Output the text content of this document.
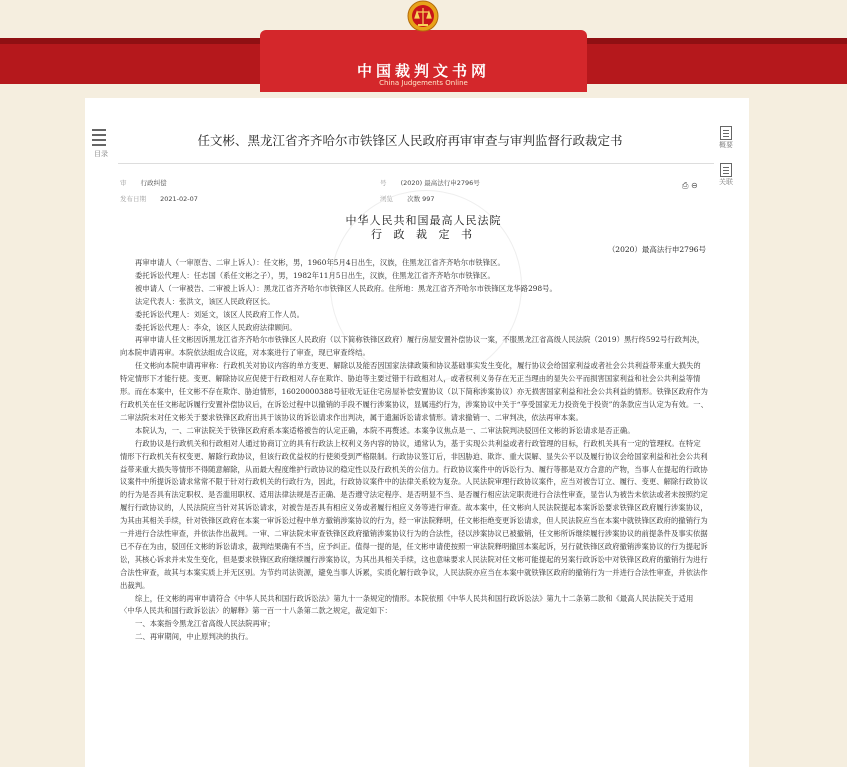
中国裁判文书网
China Judgements Online
目录
概要
关联
任文彬、黑龙江省齐齐哈尔市铁锋区人民政府再审审查与审判监督行政裁定书
审 行政纠偿
发布日期 2021-02-07
号 (2020) 最高法行申2796号
浏览 次数 997
⎙ ⊖
中华人民共和国最高人民法院
行 政 裁 定 书
（2020）最高法行申2796号

再审申请人（一审原告、二审上诉人）：任文彬，男，1960年5月4日出生，汉族，住黑龙江省齐齐哈尔市铁锋区。

委托诉讼代理人：任志国（系任文彬之子），男，1982年11月5日出生，汉族，住黑龙江省齐齐哈尔市铁锋区。

被申请人（一审被告、二审被上诉人）：黑龙江省齐齐哈尔市铁锋区人民政府。住所地：黑龙江省齐齐哈尔市铁锋区龙华路298号。

法定代表人：张洪文，该区人民政府区长。

委托诉讼代理人：刘延文，该区人民政府工作人员。

委托诉讼代理人：李众，该区人民政府法律顾问。

再审申请人任文彬因诉黑龙江省齐齐哈尔市铁锋区人民政府（以下简称铁锋区政府）履行房屋安置补偿协议一案，不服黑龙江省高级人民法院（2019）黑行终592号行政判决，向本院申请再审。本院依法组成合议庭，对本案进行了审查，现已审查终结。

任文彬向本院申请再审称：行政机关对协议内容的单方变更、解除以及能否因国家法律政策和协议基础事实发生变化，履行协议会给国家利益或者社会公共利益带来重大损失的特定情形下才能行使。变更、解除协议应促使于行政相对人存在欺诈、胁迫等主要过错于行政相对人，或者权利义务存在无正当理由的显失公平而损害国家利益和社会公共利益等情形。而在本案中，任文彬不存在欺诈、胁迫情形，16020000388号征收无证住宅房屋补偿安置协议（以下简称涉案协议）亦无损害国家利益和社会公共利益的情形。铁锋区政府作为行政机关在任文彬起诉履行安置补偿协议后，在诉讼过程中以撤销的手段不履行涉案协议，显属违约行为，涉案协议中关于“享受国家无力投资免于投资”的条款应当认定为有效。一、二审法院未对任文彬关于要求铁锋区政府出具于该协议的诉讼请求作出判决，属于遗漏诉讼请求情形。请求撤销一、二审判决，依法再审本案。

本院认为，一、二审法院关于铁锋区政府系本案适格被告的认定正确，本院不再赘述。本案争议焦点是一、二审法院判决驳回任文彬的诉讼请求是否正确。

行政协议是行政机关和行政相对人通过协商订立的具有行政法上权利义务内容的协议，通常认为，基于实现公共利益或者行政管理的目标，行政机关具有一定的管理权。在特定情形下行政机关有权变更、解除行政协议，但该行政优益权的行使须受到严格限制。行政协议签订后，非因胁迫、欺诈、重大误解、显失公平以及履行协议会给国家利益和社会公共利益带来重大损失等情形不得随意解除，从而最大程度维护行政协议的稳定性以及行政机关的公信力。行政协议案件中的诉讼行为、履行等都是双方合意的产物，当事人在提起的行政协议案件中所提诉讼请求常常不限于针对行政机关的行政行为，因此，行政协议案件中的法律关系较为复杂。人民法院审理行政协议案件，应当对被告订立、履行、变更、解除行政协议的行为是否具有法定职权、是否滥用职权、适用法律法规是否正确、是否遵守法定程序、是否明显不当、是否履行相应法定职责进行合法性审查，显告认为被告未依法或者未按照约定履行行政协议的，人民法院应当针对其诉讼请求，对被告是否具有相应义务或者履行相应义务等进行审查。故本案中，任文彬向人民法院提起本案诉讼要求铁锋区政府履行涉案协议，为其由其相关手续，针对铁锋区政府在本案一审诉讼过程中单方撤销涉案协议的行为，经一审法院释明，任文彬拒绝变更诉讼请求，但人民法院应当在本案中就铁锋区政府的撤销行为一并进行合法性审查，并依法作出裁判。一审、二审法院未审查铁锋区政府撤销涉案协议行为的合法性，径以涉案协议已被撤销，任文彬所诉继续履行涉案协议的前提条件及事实依据已不存在为由，驳回任文彬的诉讼请求，裁判结果确有不当，应予纠正。值得一提的是，任文彬申请使按照一审法院释明撤回本案起诉，另行就铁锋区政府撤销涉案协议的行为提起诉讼，其核心诉求并未发生变化，但是要求铁锋区政府继续履行涉案协议，为其出具相关手续，这也意味要求人民法院对任文彬可能提起的另案行政诉讼中对铁锋区政府的撤销行为进行合法性审查，故其与本案实质上并无区别。为节约司法资源，避免当事人诉累，实质化解行政争议，人民法院亦应当在本案中就铁锋区政府的撤销行为一并进行合法性审查，并依法作出裁判。

综上，任文彬的再审申请符合《中华人民共和国行政诉讼法》第九十一条规定的情形。本院依照《中华人民共和国行政诉讼法》第九十二条第二款和《最高人民法院关于适用〈中华人民共和国行政诉讼法〉的解释》第一百一十八条第二款之规定，裁定如下：

一、本案指令黑龙江省高级人民法院再审；

二、再审期间，中止原判决的执行。
